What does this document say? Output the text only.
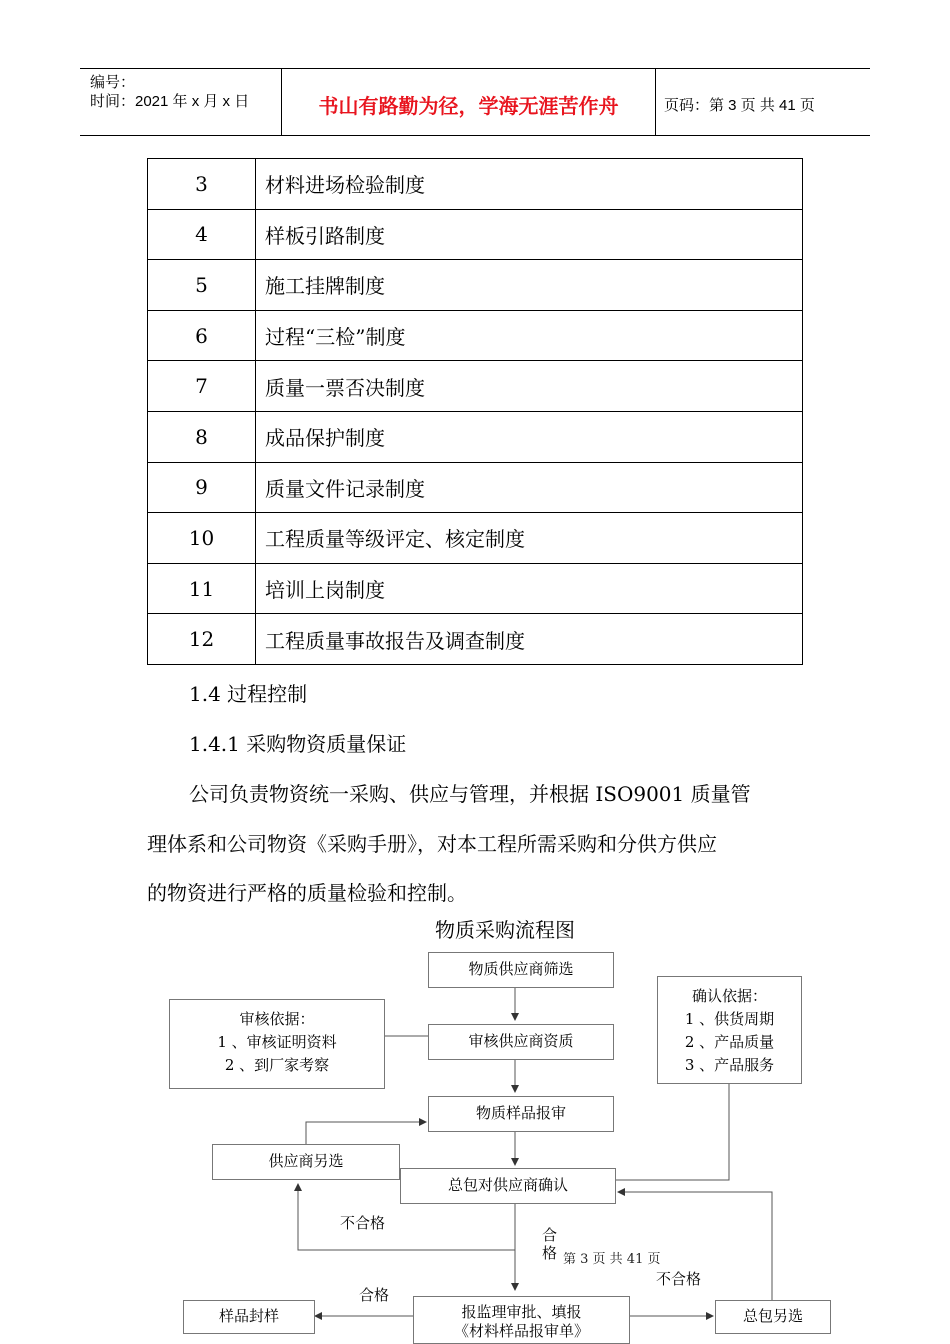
编号：
时间：2021 年 x 月 x 日	书山有路勤为径，学海无涯苦作舟	页码：第 3 页 共 41 页
3	材料进场检验制度
4	样板引路制度
5	施工挂牌制度
6	过程“三检”制度
7	质量一票否决制度
8	成品保护制度
9	质量文件记录制度
10	工程质量等级评定、核定制度
11	培训上岗制度
12	工程质量事故报告及调查制度
1.4 过程控制
1.4.1 采购物资质量保证
公司负责物资统一采购、供应与管理，并根据 ISO9001 质量管
理体系和公司物资《采购手册》，对本工程所需采购和分供方供应
的物资进行严格的质量检验和控制。
物质采购流程图
物质供应商筛选
审核供应商资质
物质样品报审
总包对供应商确认
供应商另选
审核依据：
1 、审核证明资料
2 、到厂家考察
确认依据：
1 、供货周期
2 、产品质量
3 、产品服务
报监理审批、填报
《材料样品报审单》
样品封样	总包另选
不合格
合
格
不合格
合格
第 3 页 共 41 页
